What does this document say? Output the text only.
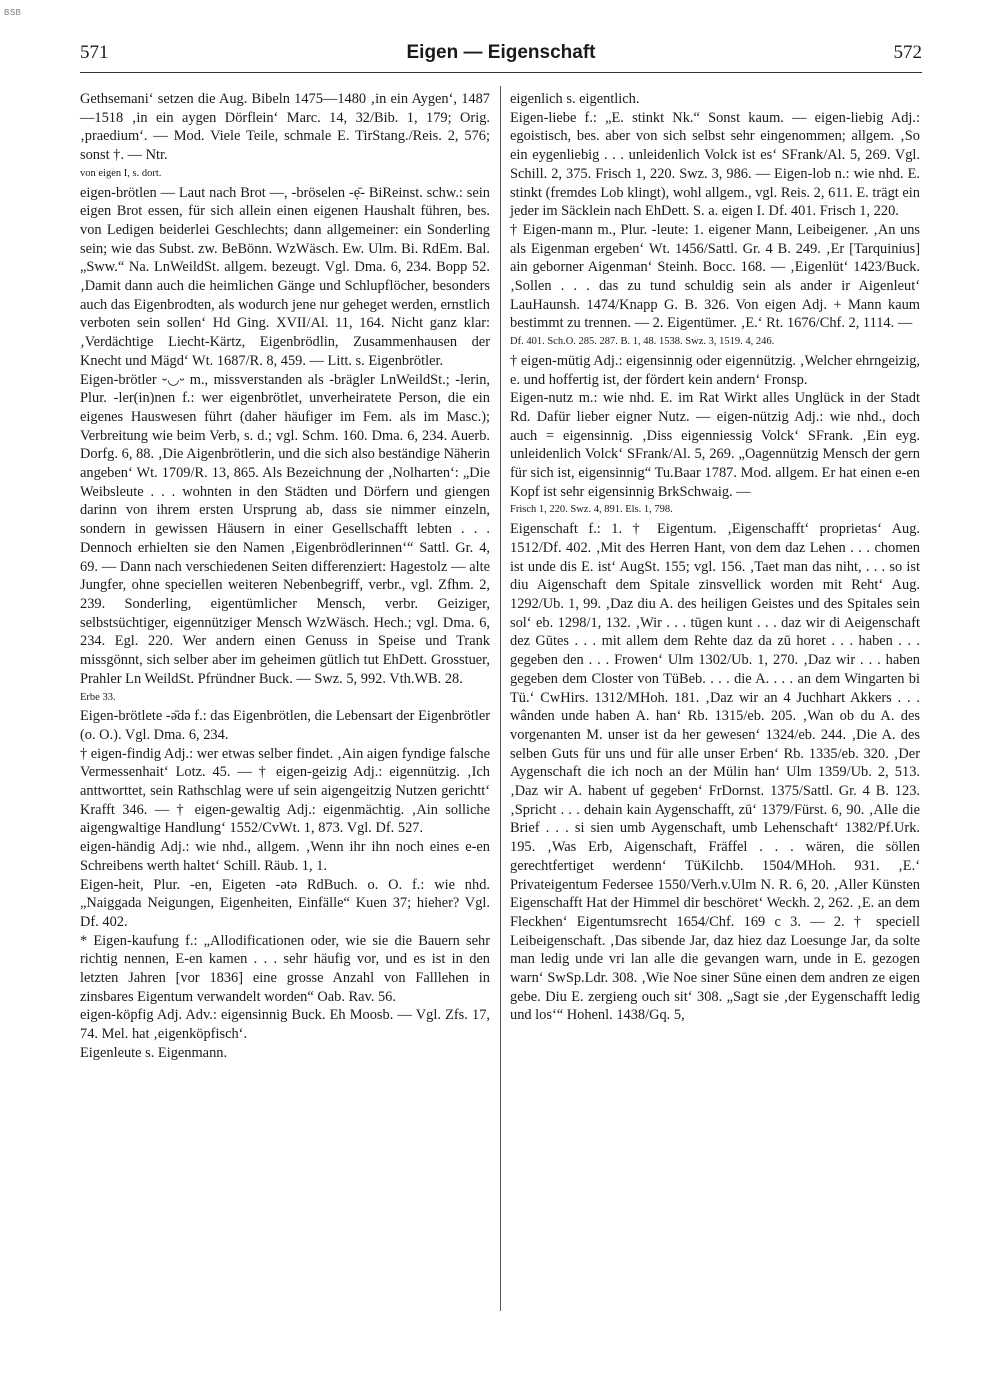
BSB
571	Eigen — Eigenschaft	572

Gethsemani‘ setzen die Aug. Bibeln 1475—1480 ‚in ein Aygen‘, 1487—1518 ‚in ein aygen Dörflein‘ Marc. 14, 32/Bib. 1, 179; Orig. ‚praedium‘. — Mod. Viele Teile, schmale E. TirStang./Reis. 2, 576; sonst †. — Ntr.

von eigen I, s. dort.

eigen-brötlen — Laut nach Brot —, -bröselen -ẹ̄- BiReinst. schw.: sein eigen Brot essen, für sich allein einen eigenen Haushalt führen, bes. von Ledigen beiderlei Geschlechts; dann allgemeiner: ein Sonderling sein; wie das Subst. zw. BeBönn. WzWäsch. Ew. Ulm. Bi. RdEm. Bal. „Sww.“ Na. LnWeildSt. allgem. bezeugt. Vgl. Dma. 6, 234. Bopp 52. ‚Damit dann auch die heimlichen Gänge und Schlupflöcher, besonders auch das Eigenbrodten, als wodurch jene nur geheget werden, ernstlich verboten sein sollen‘ Hd Ging. XVII/Al. 11, 164. Nicht ganz klar: ‚Verdächtige Liecht-Kärtz, Eigenbrödlin, Zusammenhausen der Knecht und Mägd‘ Wt. 1687/R. 8, 459. — Litt. s. Eigenbrötler.

Eigen-brötler ⏑◡⏑ m., missverstanden als -brägler LnWeildSt.; -lerin, Plur. -ler(in)nen f.: wer eigenbrötlet, unverheiratete Person, die ein eigenes Hauswesen führt (daher häufiger im Fem. als im Masc.); Verbreitung wie beim Verb, s. d.; vgl. Schm. 160. Dma. 6, 234. Auerb. Dorfg. 6, 88. ‚Die Aigenbrötlerin, und die sich also beständige Näherin angeben‘ Wt. 1709/R. 13, 865. Als Bezeichnung der ‚Nolharten‘: „Die Weibsleute . . . wohnten in den Städten und Dörfern und giengen darinn von ihrem ersten Ursprung ab, dass sie nimmer einzeln, sondern in gewissen Häusern in einer Gesellschafft lebten . . . Dennoch erhielten sie den Namen ‚Eigenbrödlerinnen‘“ Sattl. Gr. 4, 69. — Dann nach verschiedenen Seiten differenziert: Hagestolz — alte Jungfer, ohne speciellen weiteren Nebenbegriff, verbr., vgl. Zfhm. 2, 239. Sonderling, eigentümlicher Mensch, verbr. Geiziger, selbstsüchtiger, eigennütziger Mensch WzWäsch. Hech.; vgl. Dma. 6, 234. Egl. 220. Wer andern einen Genuss in Speise und Trank missgönnt, sich selber aber im geheimen gütlich tut EhDett. Grosstuer, Prahler Ln WeildSt. Pfründner Buck. — Swz. 5, 992. Vth.WB. 28.

Erbe 33.

Eigen-brötlete -ə̄də f.: das Eigenbrötlen, die Lebensart der Eigenbrötler (o. O.). Vgl. Dma. 6, 234.

† eigen-findig Adj.: wer etwas selber findet. ‚Ain aigen fyndige falsche Vermessenhait‘ Lotz. 45. — † eigen-geizig Adj.: eigennützig. ‚Ich anttworttet, sein Rathschlag were uf sein aigengeitzig Nutzen gerichtt‘ Krafft 346. — † eigen-gewaltig Adj.: eigenmächtig. ‚Ain solliche aigengwaltige Handlung‘ 1552/CvWt. 1, 873. Vgl. Df. 527.

eigen-händig Adj.: wie nhd., allgem. ‚Wenn ihr ihn noch eines e-en Schreibens werth haltet‘ Schill. Räub. 1, 1.

Eigen-heit, Plur. -en, Eigeten -ətə RdBuch. o. O. f.: wie nhd. „Naiggada Neigungen, Eigenheiten, Einfälle“ Kuen 37; hieher? Vgl. Df. 402.

* Eigen-kaufung f.: „Allodificationen oder, wie sie die Bauern sehr richtig nennen, E-en kamen . . . sehr häufig vor, und es ist in den letzten Jahren [vor 1836] eine grosse Anzahl von Falllehen in zinsbares Eigentum verwandelt worden“ Oab. Rav. 56.

eigen-köpfig Adj. Adv.: eigensinnig Buck. Eh Moosb. — Vgl. Zfs. 17, 74. Mel. hat ‚eigenköpfisch‘.

Eigenleute s. Eigenmann.

eigenlich s. eigentlich.

Eigen-liebe f.: „E. stinkt Nk.“ Sonst kaum. — eigen-liebig Adj.: egoistisch, bes. aber von sich selbst sehr eingenommen; allgem. ‚So ein eygenliebig . . . unleidenlich Volck ist es‘ SFrank/Al. 5, 269. Vgl. Schill. 2, 375. Frisch 1, 220. Swz. 3, 986. — Eigen-lob n.: wie nhd. E. stinkt (fremdes Lob klingt), wohl allgem., vgl. Reis. 2, 611. E. trägt ein jeder im Säcklein nach EhDett. S. a. eigen I. Df. 401. Frisch 1, 220.

† Eigen-mann m., Plur. -leute: 1. eigener Mann, Leibeigener. ‚An uns als Eigenman ergeben‘ Wt. 1456/Sattl. Gr. 4 B. 249. ‚Er [Tarquinius] ain geborner Aigenman‘ Steinh. Bocc. 168. — ‚Eigenlüt‘ 1423/Buck. ‚Sollen . . . das zu tund schuldig sein als ander ir Aigenleut‘ LauHaunsh. 1474/Knapp G. B. 326. Von eigen Adj. + Mann kaum bestimmt zu trennen. — 2. Eigentümer. ‚E.‘ Rt. 1676/Chf. 2, 1114. —

Df. 401. Sch.O. 285. 287. B. 1, 48. 1538. Swz. 3, 1519. 4, 246.

† eigen-mütig Adj.: eigensinnig oder eigennützig. ‚Welcher ehrngeizig, e. und hoffertig ist, der fördert kein andern‘ Fronsp.

Eigen-nutz m.: wie nhd. E. im Rat Wirkt alles Unglück in der Stadt Rd. Dafür lieber eigner Nutz. — eigen-nützig Adj.: wie nhd., doch auch = eigensinnig. ‚Diss eigenniessig Volck‘ SFrank. ‚Ein eyg. unleidenlich Volck‘ SFrank/Al. 5, 269. „Oagennützig Mensch der gern für sich ist, eigensinnig“ Tu.Baar 1787. Mod. allgem. Er hat einen e-en Kopf ist sehr eigensinnig BrkSchwaig. —

Frisch 1, 220. Swz. 4, 891. Els. 1, 798.

Eigenschaft f.: 1. † Eigentum. ‚Eigenschafft‘ proprietas‘ Aug. 1512/Df. 402. ‚Mit des Herren Hant, von dem daz Lehen . . . chomen ist unde dis E. ist‘ AugSt. 155; vgl. 156. ‚Taet man das niht, . . . so ist diu Aigenschaft dem Spitale zinsvellick worden mit Reht‘ Aug. 1292/Ub. 1, 99. ‚Daz diu A. des heiligen Geistes und des Spitales sein sol‘ eb. 1298/1, 132. ‚Wir . . . tūgen kunt . . . daz wir di Aeigenschaft dez Gūtes . . . mit allem dem Rehte daz da zū horet . . . haben . . . gegeben den . . . Frowen‘ Ulm 1302/Ub. 1, 270. ‚Daz wir . . . haben gegeben dem Closter von TüBeb. . . . die A. . . . an dem Wingarten bi Tü.‘ CwHirs. 1312/MHoh. 181. ‚Daz wir an 4 Juchhart Akkers . . . wânden unde haben A. han‘ Rb. 1315/eb. 205. ‚Wan ob du A. des vorgenanten M. unser ist da her gewesen‘ 1324/eb. 244. ‚Die A. des selben Guts für uns und für alle unser Erben‘ Rb. 1335/eb. 320. ‚Der Aygenschaft die ich noch an der Mülin han‘ Ulm 1359/Ub. 2, 513. ‚Daz wir A. habent uf gegeben‘ FrDornst. 1375/Sattl. Gr. 4 B. 123. ‚Spricht . . . dehain kain Aygenschafft, zū‘ 1379/Fürst. 6, 90. ‚Alle die Brief . . . si sien umb Aygenschaft, umb Lehenschaft‘ 1382/Pf.Urk. 195. ‚Was Erb, Aigenschaft, Fräffel . . . wären, die söllen gerechtfertiget werdenn‘ TüKilchb. 1504/MHoh. 931. ‚E.‘ Privateigentum Federsee 1550/Verh.v.Ulm N. R. 6, 20. ‚Aller Künsten Eigenschafft Hat der Himmel dir beschöret‘ Weckh. 2, 262. ‚E. an dem Fleckhen‘ Eigentumsrecht 1654/Chf. 169 c 3. — 2. † speciell Leibeigenschaft. ‚Das sibende Jar, daz hiez daz Loesunge Jar, da solte man ledig unde vri lan alle die gevangen warn, unde in E. gezogen warn‘ SwSp.Ldr. 308. ‚Wie Noe siner Sūne einen dem andren ze eigen gebe. Diu E. zergieng ouch sit‘ 308. „Sagt sie ‚der Eygenschafft ledig und los‘“ Hohenl. 1438/Gq. 5,
